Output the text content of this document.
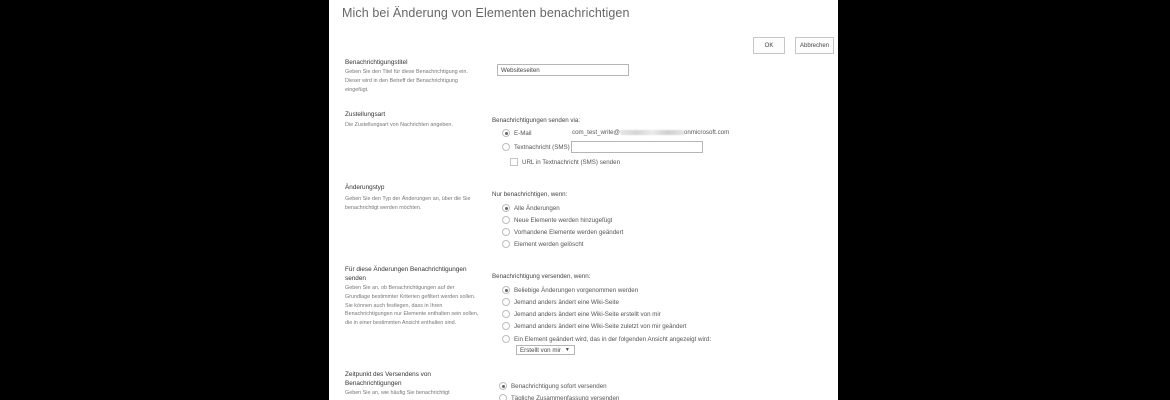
Mich bei Änderung von Elementen benachrichtigen
OK	Abbrechen
Benachrichtigungstitel
Geben Sie den Titel für diese Benachrichtigung ein. Dieser wird in den Betreff der Benachrichtigung eingefügt.
Websiteseiten
Zustellungsart
Die Zustellungsart von Nachrichten angeben.
Benachrichtigungen senden via:
E-Mail	com_test_write@	onmicrosoft.com
Textnachricht (SMS)
URL in Textnachricht (SMS) senden
Änderungstyp
Geben Sie den Typ der Änderungen an, über die Sie benachrichtigt werden möchten.
Nur benachrichtigen, wenn:
Alle Änderungen
Neue Elemente werden hinzugefügt
Vorhandene Elemente werden geändert
Element werden gelöscht
Für diese Änderungen Benachrichtigungen senden
Geben Sie an, ob Benachrichtigungen auf der Grundlage bestimmter Kriterien gefiltert werden sollen. Sie können auch festlegen, dass in Ihren Benachrichtigungen nur Elemente enthalten sein sollen, die in einer bestimmten Ansicht enthalten sind.
Benachrichtigung versenden, wenn:
Beliebige Änderungen vorgenommen werden
Jemand anders ändert eine Wiki-Seite
Jemand anders ändert eine Wiki-Seite erstellt von mir
Jemand anders ändert eine Wiki-Seite zuletzt von mir geändert
Ein Element geändert wird, das in der folgenden Ansicht angezeigt wird:
Erstellt von mir ▼
Zeitpunkt des Versendens von Benachrichtigungen
Geben Sie an, wie häufig Sie benachrichtigt
Benachrichtigung sofort versenden
Tägliche Zusammenfassung versenden
